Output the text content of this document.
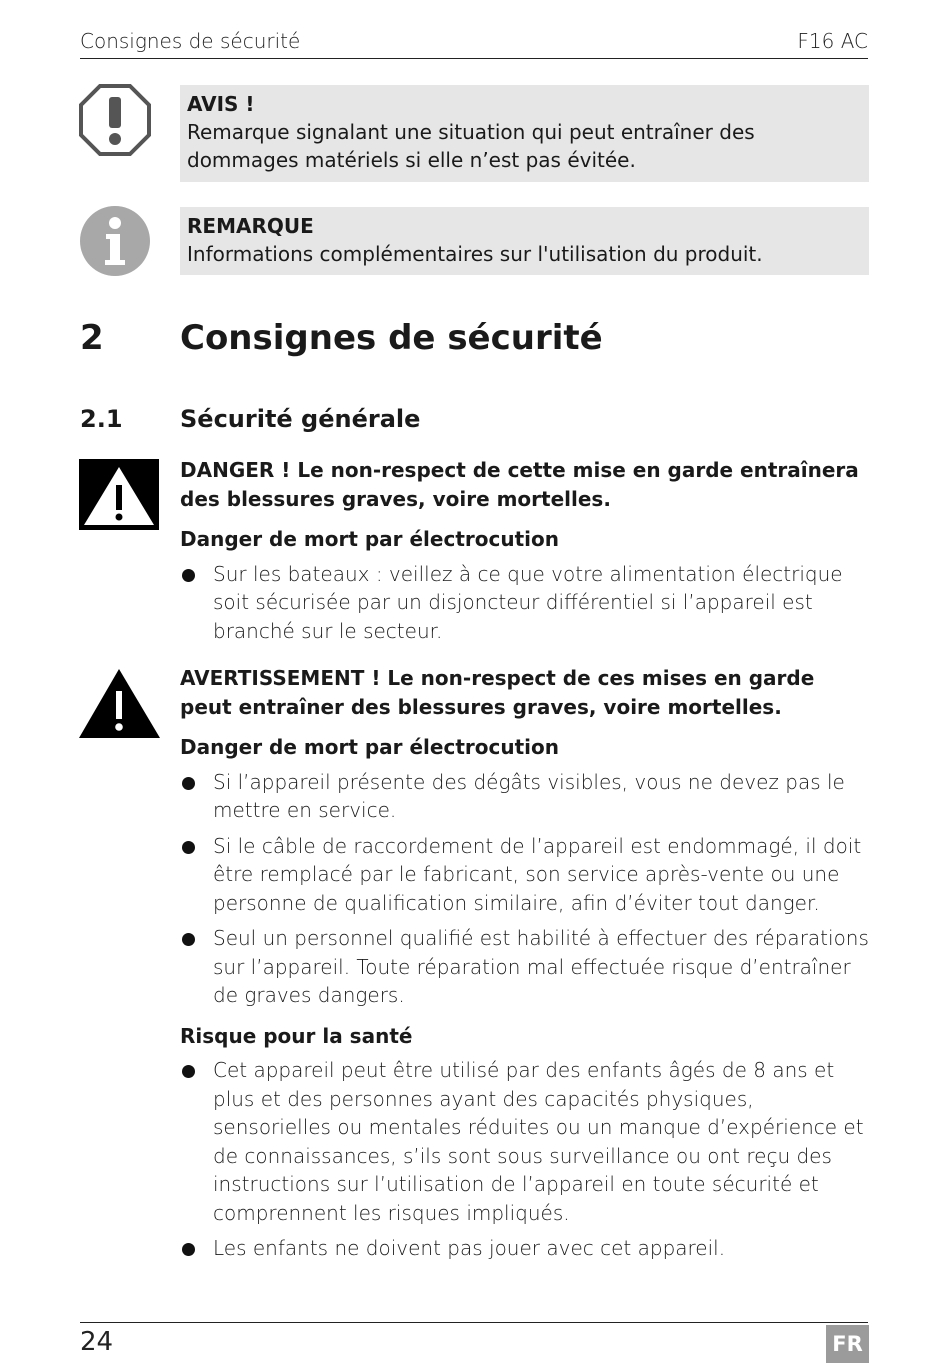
Consignes de sécurité	F16 AC
AVIS !
Remarque signalant une situation qui peut entraîner des dommages matériels si elle n’est pas évitée.
REMARQUE
Informations complémentaires sur l'utilisation du produit.
2 Consignes de sécurité
2.1 Sécurité générale

DANGER ! Le non-respect de cette mise en garde entraînera des blessures graves, voire mortelles.

Danger de mort par électrocution

Sur les bateaux : veillez à ce que votre alimentation électrique soit sécurisée par un disjoncteur différentiel si l’appareil est branché sur le secteur.

AVERTISSEMENT ! Le non-respect de ces mises en garde peut entraîner des blessures graves, voire mortelles.

Danger de mort par électrocution

Si l’appareil présente des dégâts visibles, vous ne devez pas le mettre en service.
Si le câble de raccordement de l’appareil est endommagé, il doit être remplacé par le fabricant, son service après-vente ou une personne de qualification similaire, afin d’éviter tout danger.
Seul un personnel qualifié est habilité à effectuer des réparations sur l’appareil. Toute réparation mal effectuée risque d’entraîner de graves dangers.

Risque pour la santé

Cet appareil peut être utilisé par des enfants âgés de 8 ans et plus et des personnes ayant des capacités physiques, sensorielles ou mentales réduites ou un manque d’expérience et de connaissances, s’ils sont sous surveillance ou ont reçu des instructions sur l’utilisation de l’appareil en toute sécurité et comprennent les risques impliqués.
Les enfants ne doivent pas jouer avec cet appareil.
24	FR
